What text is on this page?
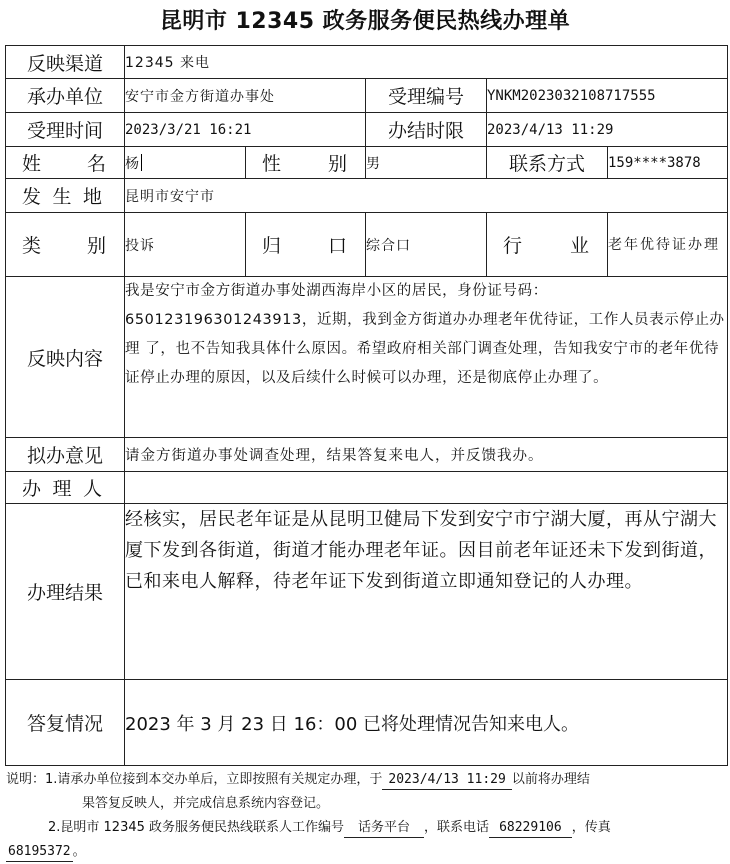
昆明市 12345 政务服务便民热线办理单
反映渠道	12345 来电				
承办单位	安宁市金方街道办事处		受理编号	YNKM2023032108717555	
受理时间	2023/3/21 16:21		办结时限	2023/4/13 11:29	

姓 名	杨	性 别	男	联系方式	159****3878

发 生 地	昆明市安宁市				

类 别	投诉	归 口	综合口	行 业	老年优待证办理
反映内容	我是安宁市金方街道办事处湖西海岸小区的居民，身份证号码：650123196301243913，近期，我到金方街道办办理老年优待证，工作人员表示停止办理 了，也不告知我具体什么原因。希望政府相关部门调查处理，告知我安宁市的老年优待证停止办理的原因，以及后续什么时候可以办理，还是彻底停止办理了。				
拟办意见	请金方街道办事处调查处理，结果答复来电人，并反馈我办。				

办 理 人					

办理结果	经核实，居民老年证是从昆明卫健局下发到安宁市宁湖大厦，再从宁湖大厦下发到各街道，街道才能办理老年证。因目前老年证还未下发到街道，已和来电人解释，待老年证下发到街道立即通知登记的人办理。				
答复情况	2023 年 3 月 23 日 16：00 已将处理情况告知来电人。				
说明：1.请承办单位接到本交办单后，立即按照有关规定办理，于 2023/4/13 11:29 以前将办理结
果答复反映人，并完成信息系统内容登记。
2.昆明市 12345 政务服务便民热线联系人工作编号 话务平台 ，联系电话 68229106 ，传真
68195372 。
